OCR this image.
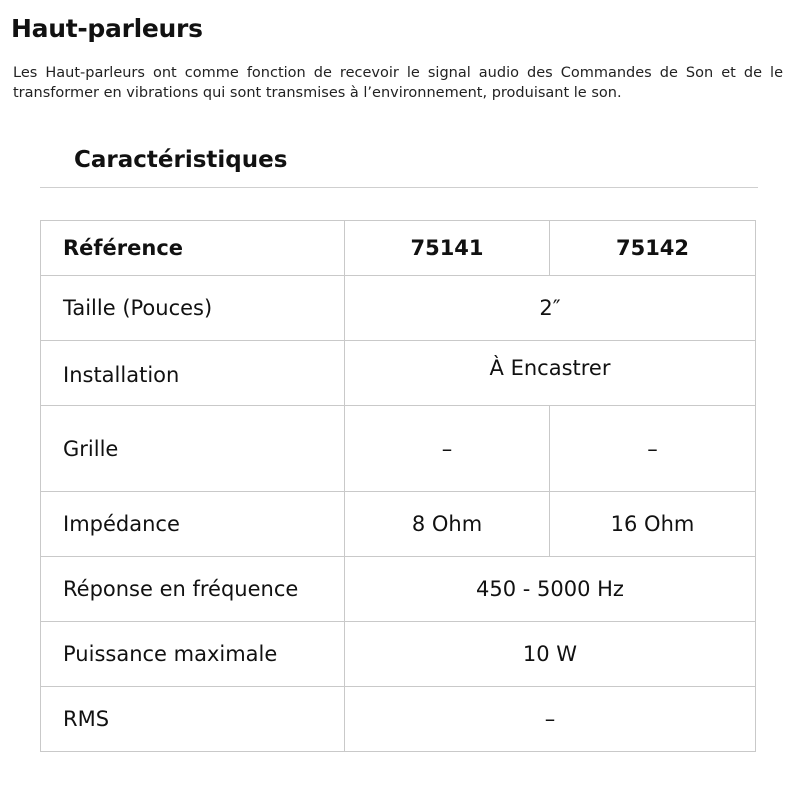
Haut-parleurs

Les Haut-parleurs ont comme fonction de recevoir le signal audio des Commandes de Son et de le transformer en vibrations qui sont transmises à l’environnement, produisant le son.

Caractéristiques
Référence	75141	75142
Taille (Pouces)	2″	
Installation	À Encastrer	
Grille	–	–
Impédance	8 Ohm	16 Ohm
Réponse en fréquence	450 - 5000 Hz	
Puissance maximale	10 W	
RMS	–	
